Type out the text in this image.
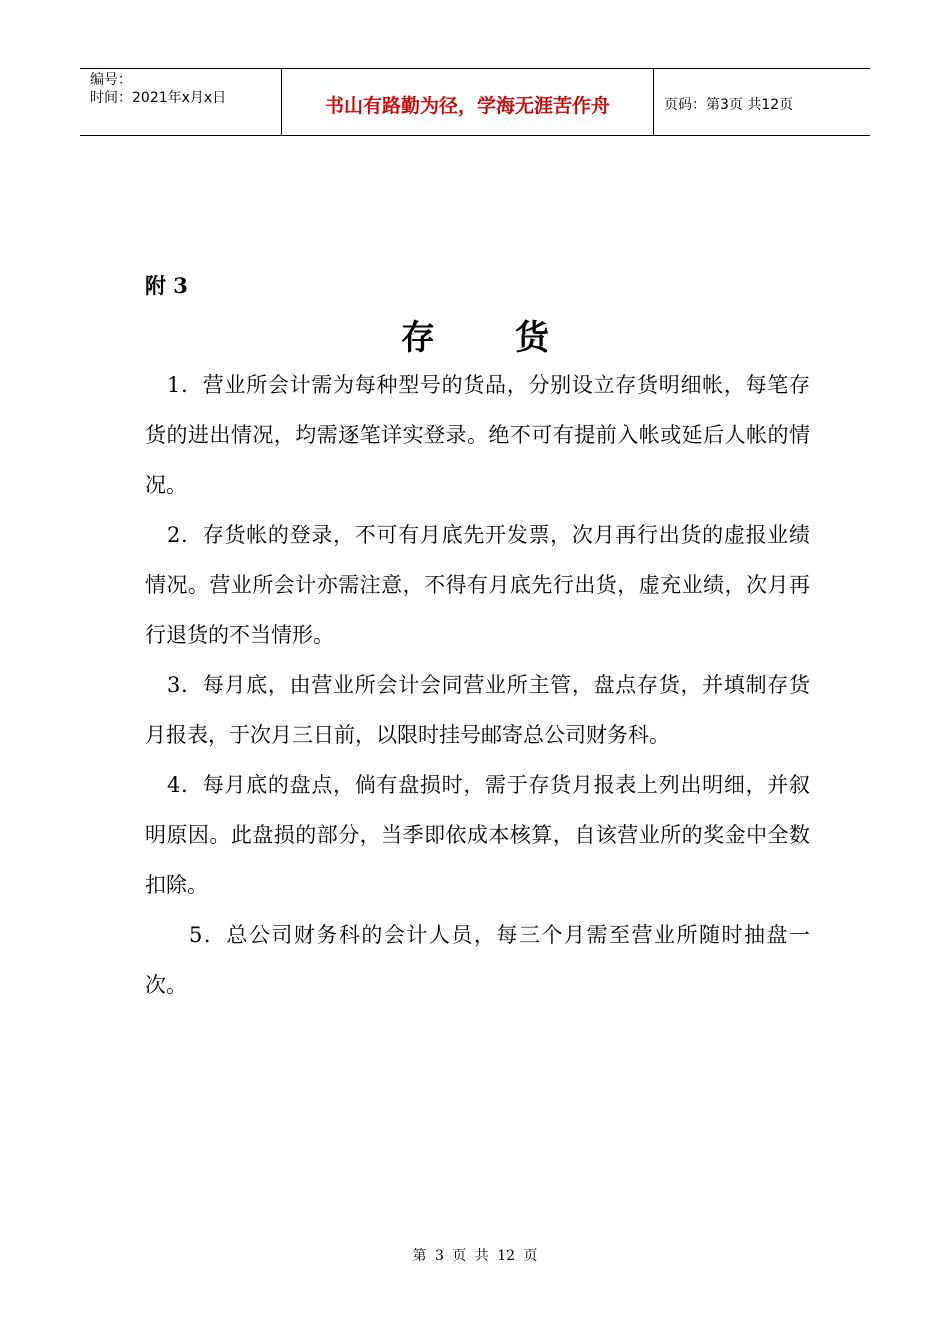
编号：
时间：2021年x月x日	书山有路勤为径，学海无涯苦作舟	页码：第3页 共12页
附 3
存货

1．营业所会计需为每种型号的货品，分别设立存货明细帐，每笔存货的进出情况，均需逐笔详实登录。绝不可有提前入帐或延后人帐的情况。

2．存货帐的登录，不可有月底先开发票，次月再行出货的虚报业绩情况。营业所会计亦需注意，不得有月底先行出货，虚充业绩，次月再行退货的不当情形。

3．每月底，由营业所会计会同营业所主管，盘点存货，并填制存货月报表，于次月三日前，以限时挂号邮寄总公司财务科。

4．每月底的盘点，倘有盘损时，需于存货月报表上列出明细，并叙明原因。此盘损的部分，当季即依成本核算，自该营业所的奖金中全数扣除。

5．总公司财务科的会计人员，每三个月需至营业所随时抽盘一次。

第 3 页 共 12 页
